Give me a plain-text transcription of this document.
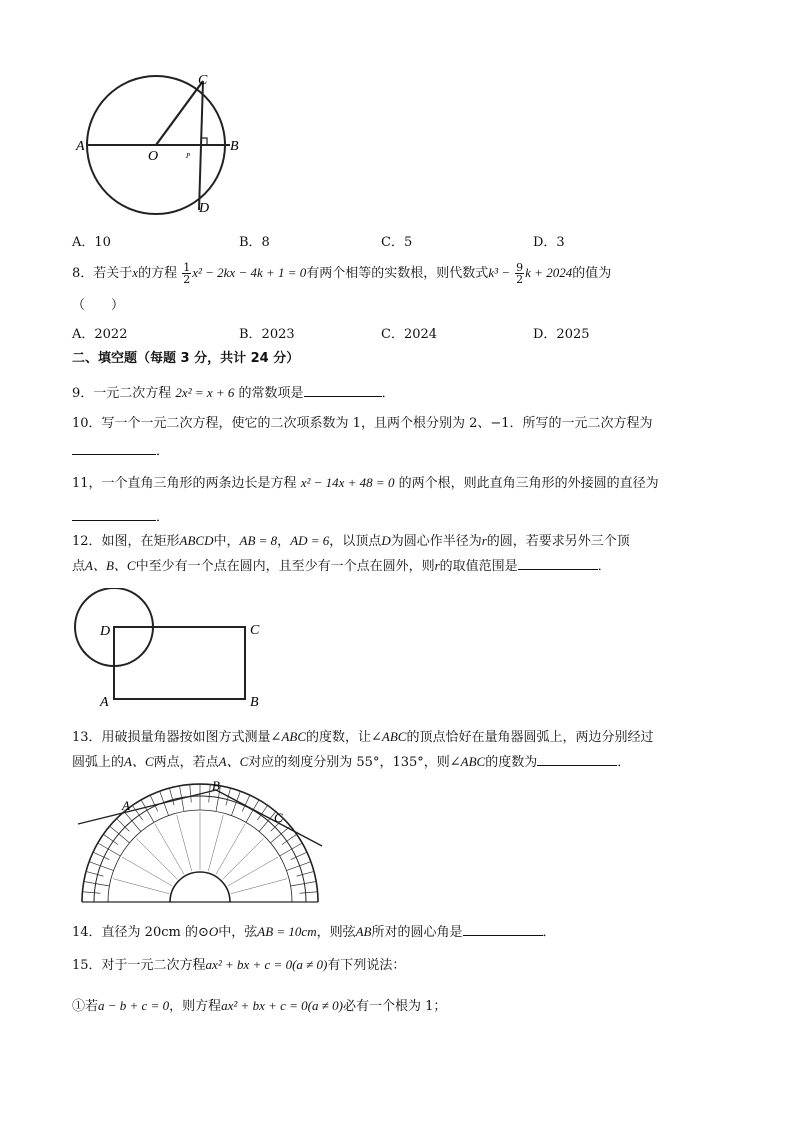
A
O	P
B
C
D
A．10	B．8	C．5	D．3
8．若关于x的方程 $\frac{1}{2} x^2 - 2kx - 4k + 1 = 0$有两个相等的实数根，则代数式$k^3 - \frac{9}{2}$ k + 2024的值为
（　　）
A．2022	B．2023	C．2024	D．2025
二、填空题（每题 3 分，共计 24 分）
9．一元二次方程 2x² = x + 6 的常数项是	．
10．写一个一元二次方程，使它的二次项系数为 1，且两个根分别为 2、−1．所写的一元二次方程为
．
11，一个直角三角形的两条边长是方程 x² − 14x + 48 = 0 的两个根，则此直角三角形的外接圆的直径为
．
12．如图，在矩形ABCD中，AB = 8，AD = 6，以顶点D为圆心作半径为r的圆，若要求另外三个顶
点A、B、C中至少有一个点在圆内，且至少有一个点在圆外，则r的取值范围是	．
D	C
A	B
13．用破损量角器按如图方式测量∠ABC的度数，让∠ABC的顶点恰好在量角器圆弧上，两边分别经过
圆弧上的A、C两点，若点A、C对应的刻度分别为 55°，135°，则∠ABC的度数为	．
A
B
C
14．直径为 20cm 的⊙O中，弦AB = 10cm，则弦AB所对的圆心角是	．
15．对于一元二次方程ax² + bx + c = 0(a ≠ 0)有下列说法：
①若a − b + c = 0，则方程ax² + bx + c = 0(a ≠ 0)必有一个根为 1；
